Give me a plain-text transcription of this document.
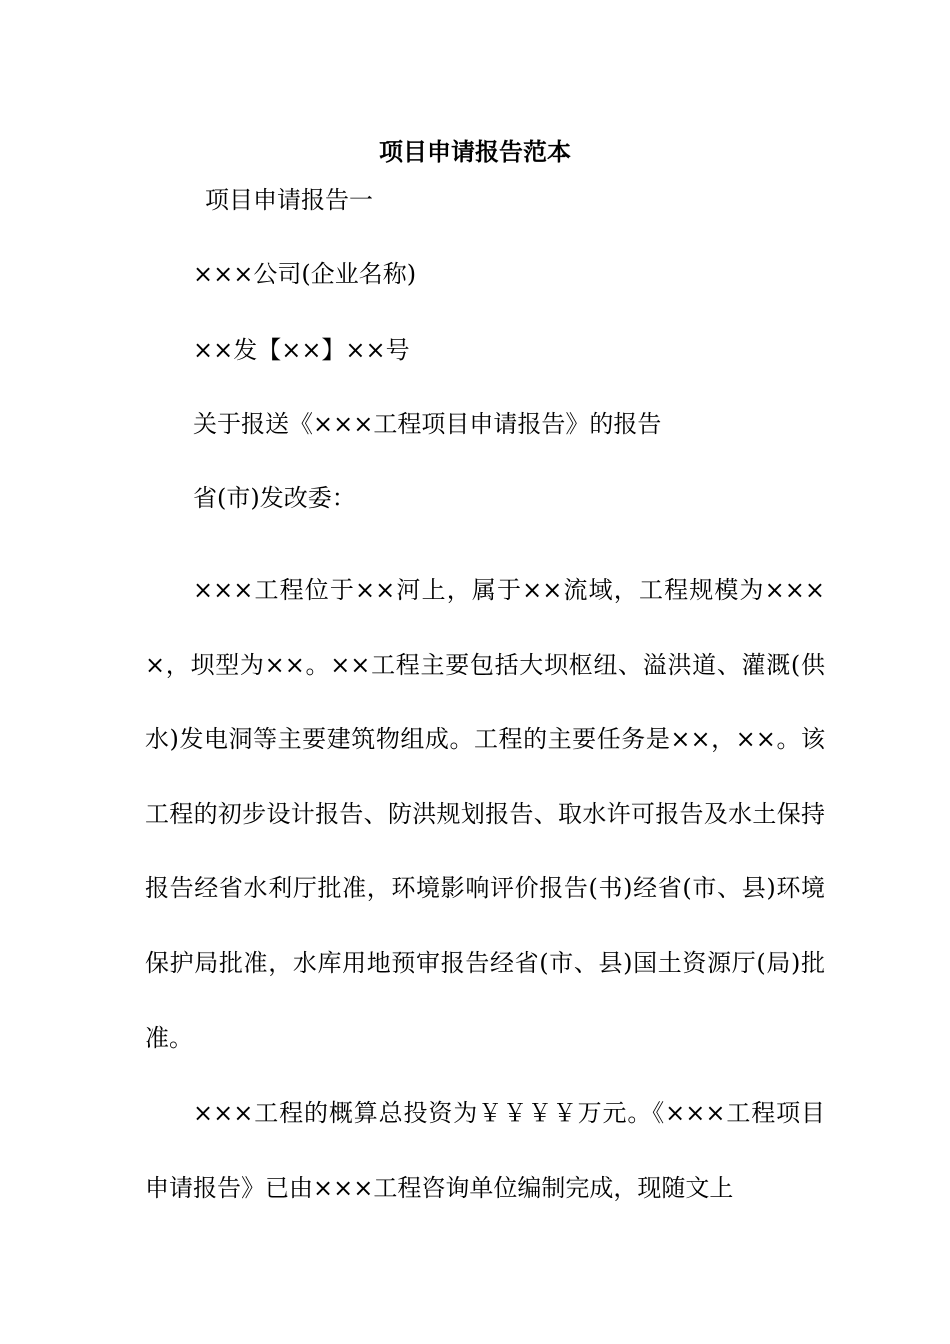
项目申请报告范本

项目申请报告一

×××公司(企业名称)

××发【××】××号

关于报送《×××工程项目申请报告》的报告

省(市)发改委：

×××工程位于××河上，属于××流域，工程规模为××××，坝型为××。××工程主要包括大坝枢纽、溢洪道、灌溉(供水)发电洞等主要建筑物组成。工程的主要任务是××，××。该工程的初步设计报告、防洪规划报告、取水许可报告及水土保持报告经省水利厅批准，环境影响评价报告(书)经省(市、县)环境保护局批准，水库用地预审报告经省(市、县)国土资源厅(局)批准。

×××工程的概算总投资为￥￥￥￥万元。《×××工程项目申请报告》已由×××工程咨询单位编制完成，现随文上
